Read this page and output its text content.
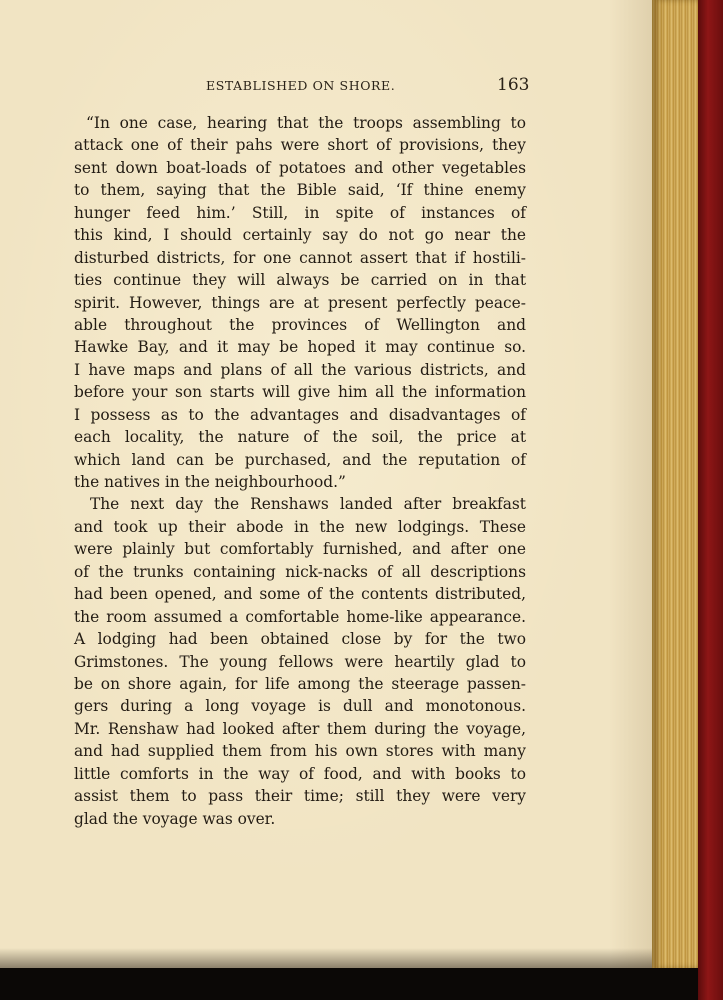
ESTABLISHED ON SHORE.	163
“In one case, hearing that the troops assembling to
attack one of their pahs were short of provisions, they
sent down boat-loads of potatoes and other vegetables
to them, saying that the Bible said, ‘If thine enemy
hunger feed him.’ Still, in spite of instances of
this kind, I should certainly say do not go near the
disturbed districts, for one cannot assert that if hostili-
ties continue they will always be carried on in that
spirit. However, things are at present perfectly peace-
able throughout the provinces of Wellington and
Hawke Bay, and it may be hoped it may continue so.
I have maps and plans of all the various districts, and
before your son starts will give him all the information
I possess as to the advantages and disadvantages of
each locality, the nature of the soil, the price at
which land can be purchased, and the reputation of
the natives in the neighbourhood.”
The next day the Renshaws landed after breakfast
and took up their abode in the new lodgings. These
were plainly but comfortably furnished, and after one
of the trunks containing nick-nacks of all descriptions
had been opened, and some of the contents distributed,
the room assumed a comfortable home-like appearance.
A lodging had been obtained close by for the two
Grimstones. The young fellows were heartily glad to
be on shore again, for life among the steerage passen-
gers during a long voyage is dull and monotonous.
Mr. Renshaw had looked after them during the voyage,
and had supplied them from his own stores with many
little comforts in the way of food, and with books to
assist them to pass their time; still they were very
glad the voyage was over.
